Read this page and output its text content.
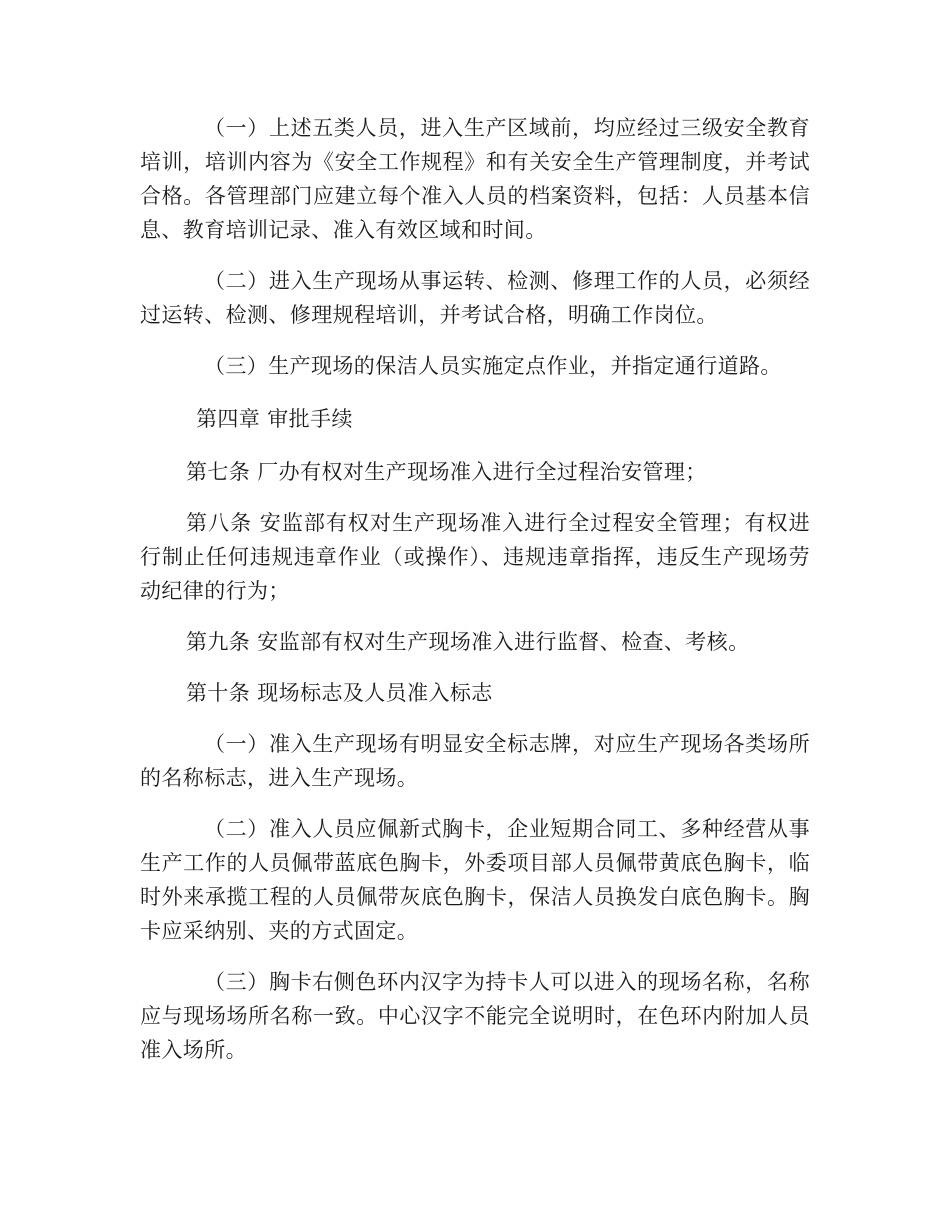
（一）上述五类人员，进入生产区域前，均应经过三级安全教育培训，培训内容为《安全工作规程》和有关安全生产管理制度，并考试合格。各管理部门应建立每个准入人员的档案资料，包括：人员基本信息、教育培训记录、准入有效区域和时间。

（二）进入生产现场从事运转、检测、修理工作的人员，必须经过运转、检测、修理规程培训，并考试合格，明确工作岗位。

（三）生产现场的保洁人员实施定点作业，并指定通行道路。

第四章 审批手续

第七条 厂办有权对生产现场准入进行全过程治安管理；

第八条 安监部有权对生产现场准入进行全过程安全管理；有权进行制止任何违规违章作业（或操作）、违规违章指挥，违反生产现场劳动纪律的行为；

第九条 安监部有权对生产现场准入进行监督、检查、考核。

第十条 现场标志及人员准入标志

（一）准入生产现场有明显安全标志牌，对应生产现场各类场所的名称标志，进入生产现场。

（二）准入人员应佩新式胸卡，企业短期合同工、多种经营从事生产工作的人员佩带蓝底色胸卡，外委项目部人员佩带黄底色胸卡，临时外来承揽工程的人员佩带灰底色胸卡，保洁人员换发白底色胸卡。胸卡应采纳别、夹的方式固定。

（三）胸卡右侧色环内汉字为持卡人可以进入的现场名称，名称应与现场场所名称一致。中心汉字不能完全说明时，在色环内附加人员准入场所。
